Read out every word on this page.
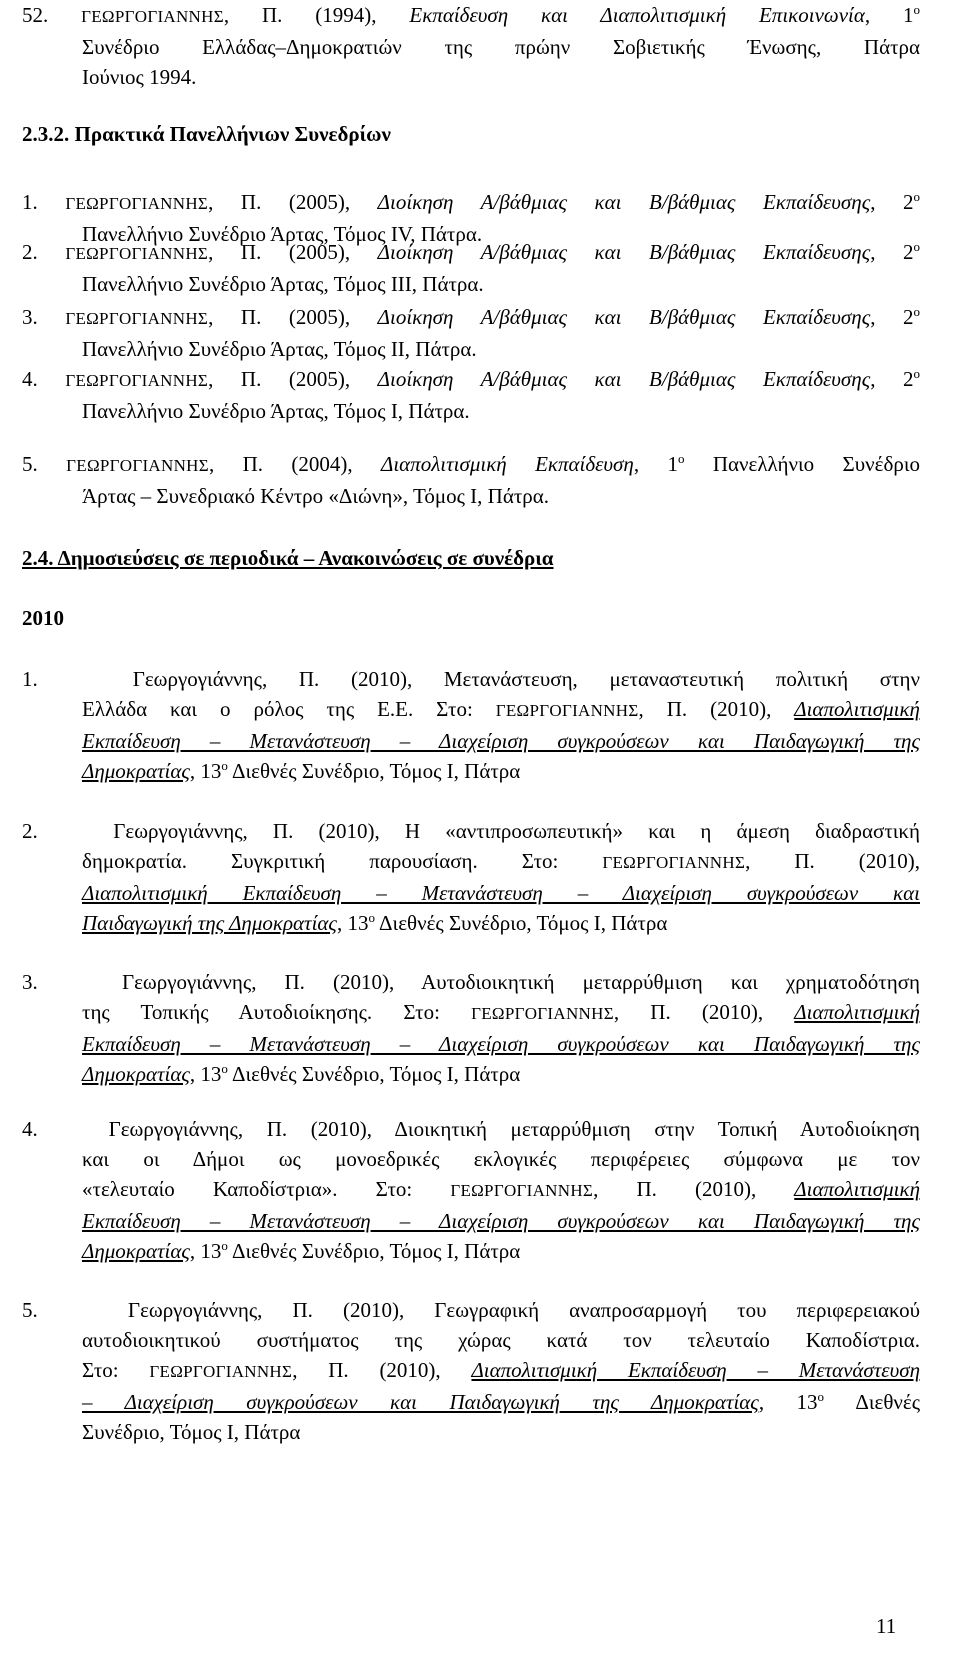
52. ΓΕΩΡΓΟΓΙΑΝΝΗΣ, Π. (1994), Εκπαίδευση και Διαπολιτισμική Επικοινωνία, $1^o$
Συνέδριο Ελλάδας–Δημοκρατιών της πρώην Σοβιετικής Ένωσης, Πάτρα
Ιούνιος 1994.
2.3.2. Πρακτικά Πανελλήνιων Συνεδρίων
1. ΓΕΩΡΓΟΓΙΑΝΝΗΣ, Π. (2005), Διοίκηση Α/βάθμιας και Β/βάθμιας Εκπαίδευσης, $2^o$
Πανελλήνιο Συνέδριο Άρτας, Τόμος IV, Πάτρα.
2. ΓΕΩΡΓΟΓΙΑΝΝΗΣ, Π. (2005), Διοίκηση Α/βάθμιας και Β/βάθμιας Εκπαίδευσης, $2^o$
Πανελλήνιο Συνέδριο Άρτας, Τόμος III, Πάτρα.
3. ΓΕΩΡΓΟΓΙΑΝΝΗΣ, Π. (2005), Διοίκηση Α/βάθμιας και Β/βάθμιας Εκπαίδευσης, $2^o$
Πανελλήνιο Συνέδριο Άρτας, Τόμος II, Πάτρα.
4. ΓΕΩΡΓΟΓΙΑΝΝΗΣ, Π. (2005), Διοίκηση Α/βάθμιας και Β/βάθμιας Εκπαίδευσης, $2^o$
Πανελλήνιο Συνέδριο Άρτας, Τόμος I, Πάτρα.
5. ΓΕΩΡΓΟΓΙΑΝΝΗΣ, Π. (2004), Διαπολιτισμική Εκπαίδευση, $1^o$ Πανελλήνιο Συνέδριο
Άρτας – Συνεδριακό Κέντρο «Διώνη», Τόμος I, Πάτρα.
2.4. Δημοσιεύσεις σε περιοδικά – Ανακοινώσεις σε συνέδρια
2010
1.	Γεωργογιάννης, Π. (2010), Μετανάστευση, μεταναστευτική πολιτική στην
Ελλάδα και ο ρόλος της Ε.Ε. Στο: ΓΕΩΡΓΟΓΙΑΝΝΗΣ, Π. (2010), Διαπολιτισμική
Εκπαίδευση – Μετανάστευση – Διαχείριση συγκρούσεων και Παιδαγωγική της
Δημοκρατίας, $13^o$ Διεθνές Συνέδριο, Τόμος I, Πάτρα
2.	Γεωργογιάννης, Π. (2010), Η «αντιπροσωπευτική» και η άμεση διαδραστική
δημοκρατία. Συγκριτική παρουσίαση. Στο: ΓΕΩΡΓΟΓΙΑΝΝΗΣ, Π. (2010),
Διαπολιτισμική Εκπαίδευση – Μετανάστευση – Διαχείριση συγκρούσεων και
Παιδαγωγική της Δημοκρατίας, $13^o$ Διεθνές Συνέδριο, Τόμος I, Πάτρα
3.	Γεωργογιάννης, Π. (2010), Αυτοδιοικητική μεταρρύθμιση και χρηματοδότηση
της Τοπικής Αυτοδιοίκησης. Στο: ΓΕΩΡΓΟΓΙΑΝΝΗΣ, Π. (2010), Διαπολιτισμική
Εκπαίδευση – Μετανάστευση – Διαχείριση συγκρούσεων και Παιδαγωγική της
Δημοκρατίας, $13^o$ Διεθνές Συνέδριο, Τόμος I, Πάτρα
4.	Γεωργογιάννης, Π. (2010), Διοικητική μεταρρύθμιση στην Τοπική Αυτοδιοίκηση
και οι Δήμοι ως μονοεδρικές εκλογικές περιφέρειες σύμφωνα με τον
«τελευταίο Καποδίστρια». Στο: ΓΕΩΡΓΟΓΙΑΝΝΗΣ, Π. (2010), Διαπολιτισμική
Εκπαίδευση – Μετανάστευση – Διαχείριση συγκρούσεων και Παιδαγωγική της
Δημοκρατίας, $13^o$ Διεθνές Συνέδριο, Τόμος I, Πάτρα
5.	Γεωργογιάννης, Π. (2010), Γεωγραφική αναπροσαρμογή του περιφερειακού
αυτοδιοικητικού συστήματος της χώρας κατά τον τελευταίο Καποδίστρια.
Στο: ΓΕΩΡΓΟΓΙΑΝΝΗΣ, Π. (2010), Διαπολιτισμική Εκπαίδευση – Μετανάστευση
– Διαχείριση συγκρούσεων και Παιδαγωγική της Δημοκρατίας, $13^o$ Διεθνές
Συνέδριο, Τόμος I, Πάτρα
11
